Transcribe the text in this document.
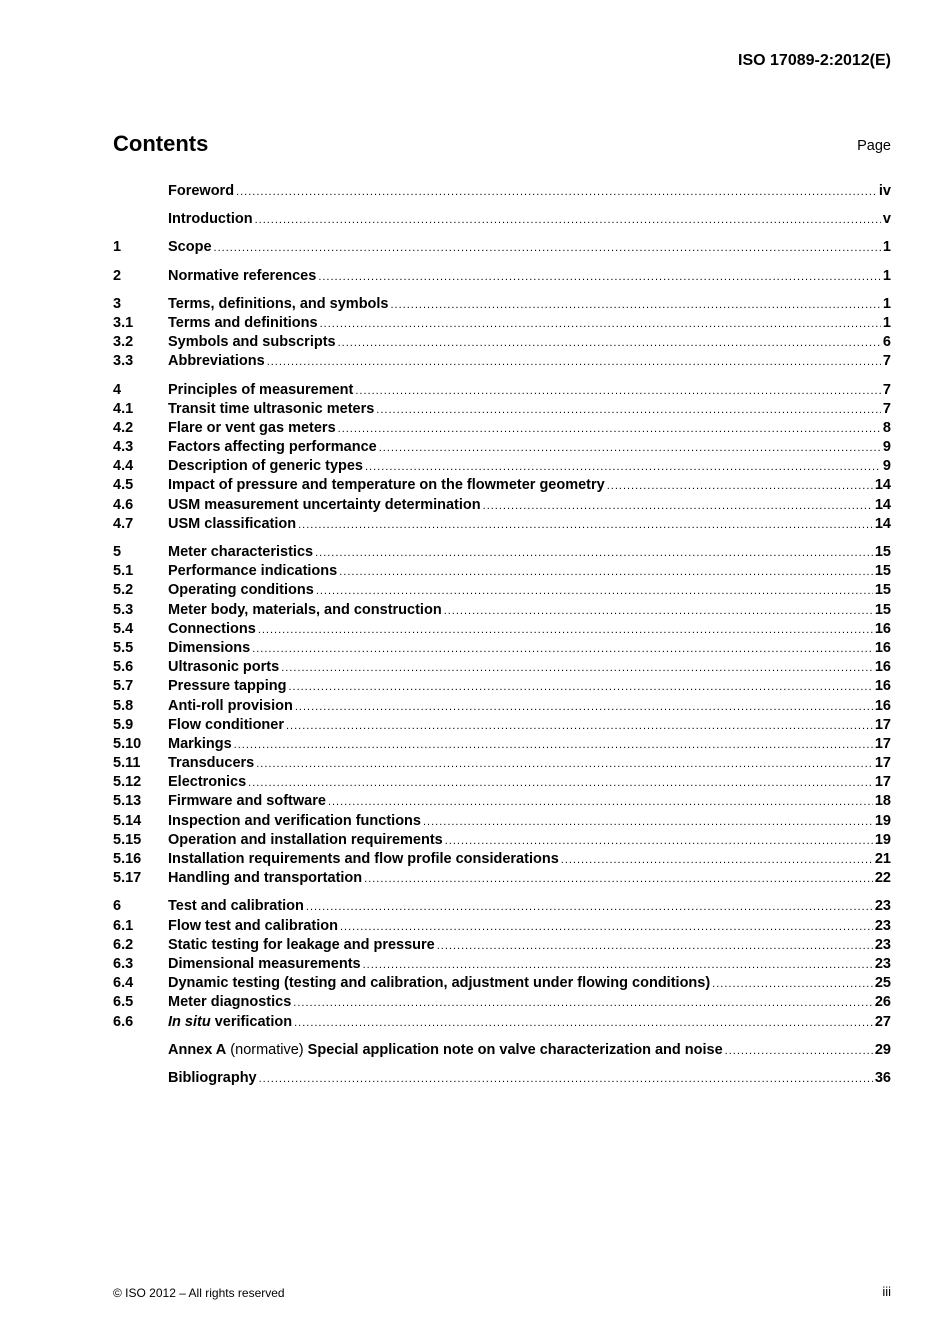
ISO 17089-2:2012(E)
Contents	Page
Foreword .....	iv
Introduction .....	v
1	Scope .....	1
2	Normative references .....	1
3	Terms, definitions, and symbols .....	1
3.1	Terms and definitions .....	1
3.2	Symbols and subscripts .....	6
3.3	Abbreviations .....	7
4	Principles of measurement .....	7
4.1	Transit time ultrasonic meters .....	7
4.2	Flare or vent gas meters .....	8
4.3	Factors affecting performance .....	9
4.4	Description of generic types .....	9
4.5	Impact of pressure and temperature on the flowmeter geometry .....	14
4.6	USM measurement uncertainty determination .....	14
4.7	USM classification .....	14
5	Meter characteristics .....	15
5.1	Performance indications .....	15
5.2	Operating conditions .....	15
5.3	Meter body, materials, and construction .....	15
5.4	Connections .....	16
5.5	Dimensions .....	16
5.6	Ultrasonic ports .....	16
5.7	Pressure tapping .....	16
5.8	Anti-roll provision .....	16
5.9	Flow conditioner .....	17
5.10	Markings .....	17
5.11	Transducers .....	17
5.12	Electronics .....	17
5.13	Firmware and software .....	18
5.14	Inspection and verification functions .....	19
5.15	Operation and installation requirements .....	19
5.16	Installation requirements and flow profile considerations .....	21
5.17	Handling and transportation .....	22
6	Test and calibration .....	23
6.1	Flow test and calibration .....	23
6.2	Static testing for leakage and pressure .....	23
6.3	Dimensional measurements .....	23
6.4	Dynamic testing (testing and calibration, adjustment under flowing conditions) .....	25
6.5	Meter diagnostics .....	26
6.6	In situ verification .....	27
Annex A (normative) Special application note on valve characterization and noise .....	29
Bibliography .....	36
© ISO 2012 – All rights reserved	iii
